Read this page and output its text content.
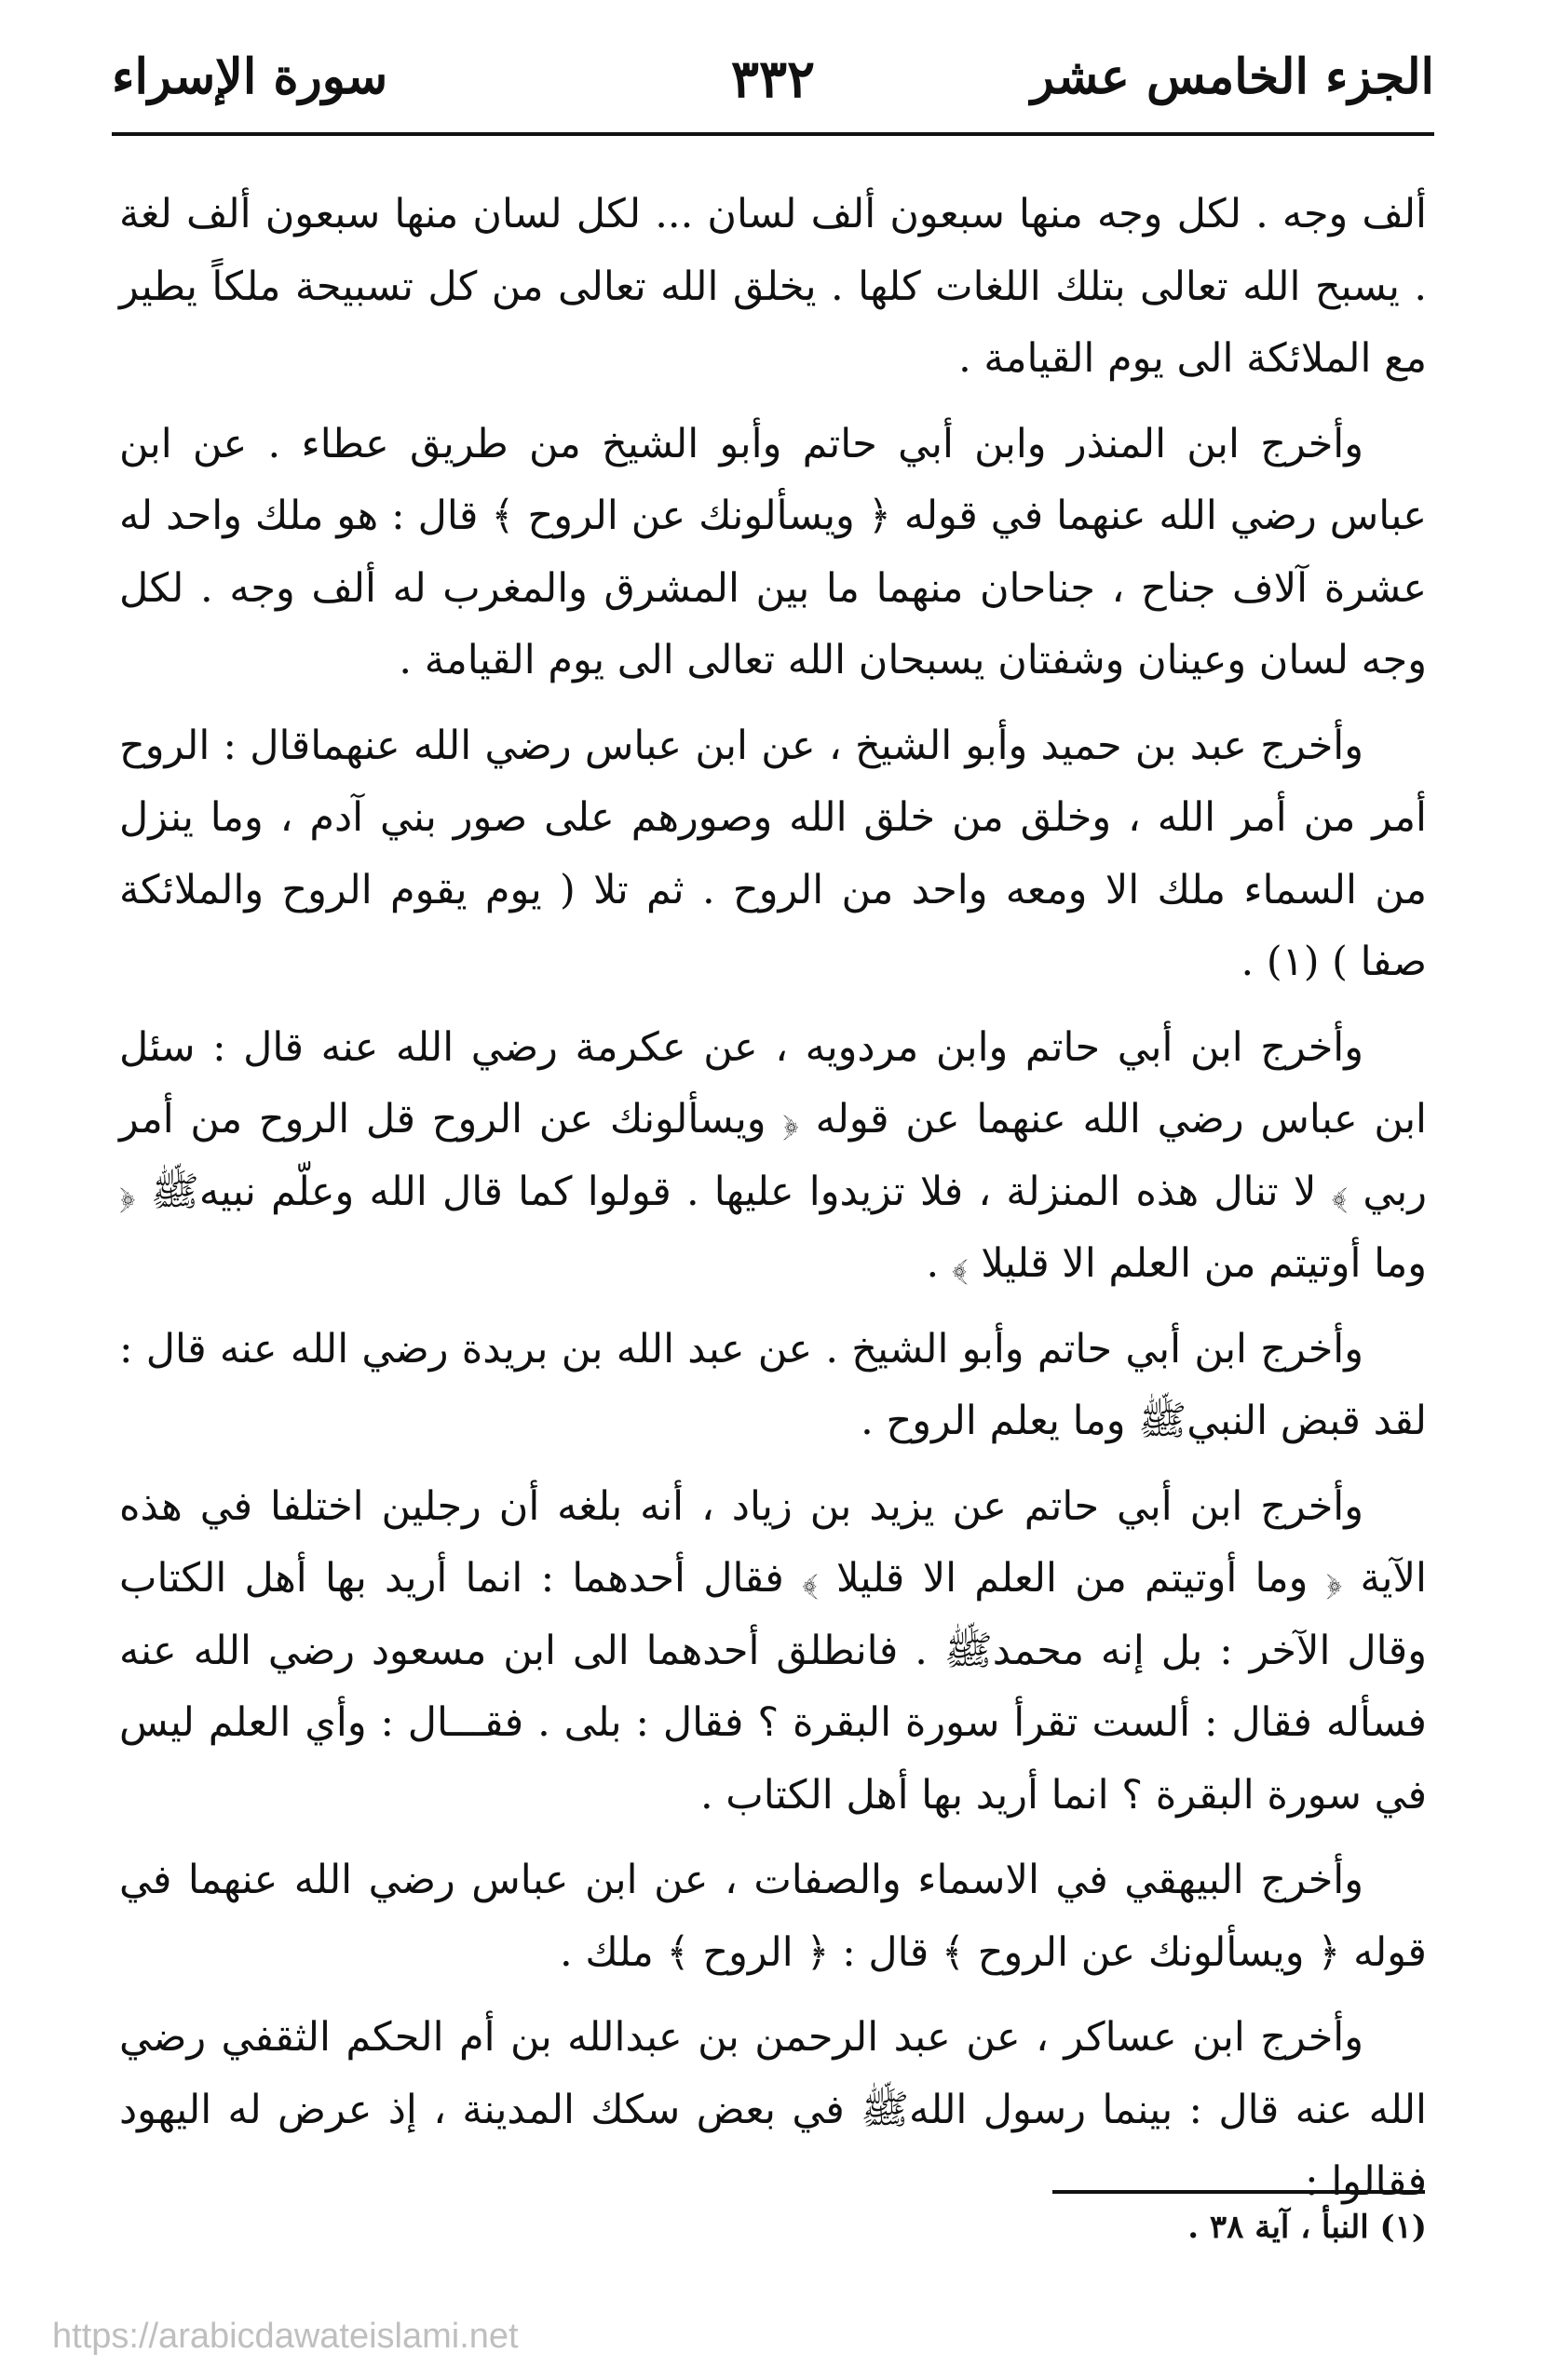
الجزء الخامس عشر
٣٣٢
سورة الإسراء

ألف وجه . لكل وجه منها سبعون ألف لسان ... لكل لسان منها سبعون ألف لغة . يسبح الله تعالى بتلك اللغات كلها . يخلق الله تعالى من كل تسبيحة ملكاً يطير مع الملائكة الى يوم القيامة .

وأخرج ابن المنذر وابن أبي حاتم وأبو الشيخ من طريق عطاء . عن ابن عباس رضي الله عنهما في قوله ﴿ ويسألونك عن الروح ﴾ قال : هو ملك واحد له عشرة آلاف جناح ، جناحان منهما ما بين المشرق والمغرب له ألف وجه . لكل وجه لسان وعينان وشفتان يسبحان الله تعالى الى يوم القيامة .

وأخرج عبد بن حميد وأبو الشيخ ، عن ابن عباس رضي الله عنهماقال : الروح أمر من أمر الله ، وخلق من خلق الله وصورهم على صور بني آدم ، وما ينزل من السماء ملك الا ومعه واحد من الروح . ثم تلا ( يوم يقوم الروح والملائكة صفا ) (١) .

وأخرج ابن أبي حاتم وابن مردويه ، عن عكرمة رضي الله عنه قال : سئل ابن عباس رضي الله عنهما عن قوله ﴿ ويسألونك عن الروح قل الروح من أمر ربي ﴾ لا تنال هذه المنزلة ، فلا تزيدوا عليها . قولوا كما قال الله وعلّم نبيهﷺ ﴿ وما أوتيتم من العلم الا قليلا ﴾ .

وأخرج ابن أبي حاتم وأبو الشيخ . عن عبد الله بن بريدة رضي الله عنه قال : لقد قبض النبيﷺ وما يعلم الروح .

وأخرج ابن أبي حاتم عن يزيد بن زياد ، أنه بلغه أن رجلين اختلفا في هذه الآية ﴿ وما أوتيتم من العلم الا قليلا ﴾ فقال أحدهما : انما أريد بها أهل الكتاب وقال الآخر : بل إنه محمدﷺ . فانطلق أحدهما الى ابن مسعود رضي الله عنه فسأله فقال : ألست تقرأ سورة البقرة ؟ فقال : بلى . فقـــال : وأي العلم ليس في سورة البقرة ؟ انما أريد بها أهل الكتاب .

وأخرج البيهقي في الاسماء والصفات ، عن ابن عباس رضي الله عنهما في قوله ﴿ ويسألونك عن الروح ﴾ قال : ﴿ الروح ﴾ ملك .

وأخرج ابن عساكر ، عن عبد الرحمن بن عبدالله بن أم الحكم الثقفي رضي الله عنه قال : بينما رسول اللهﷺ في بعض سكك المدينة ، إذ عرض له اليهود فقالوا :

(١) النبأ ، آية ٣٨ .
https://arabicdawateislami.net
